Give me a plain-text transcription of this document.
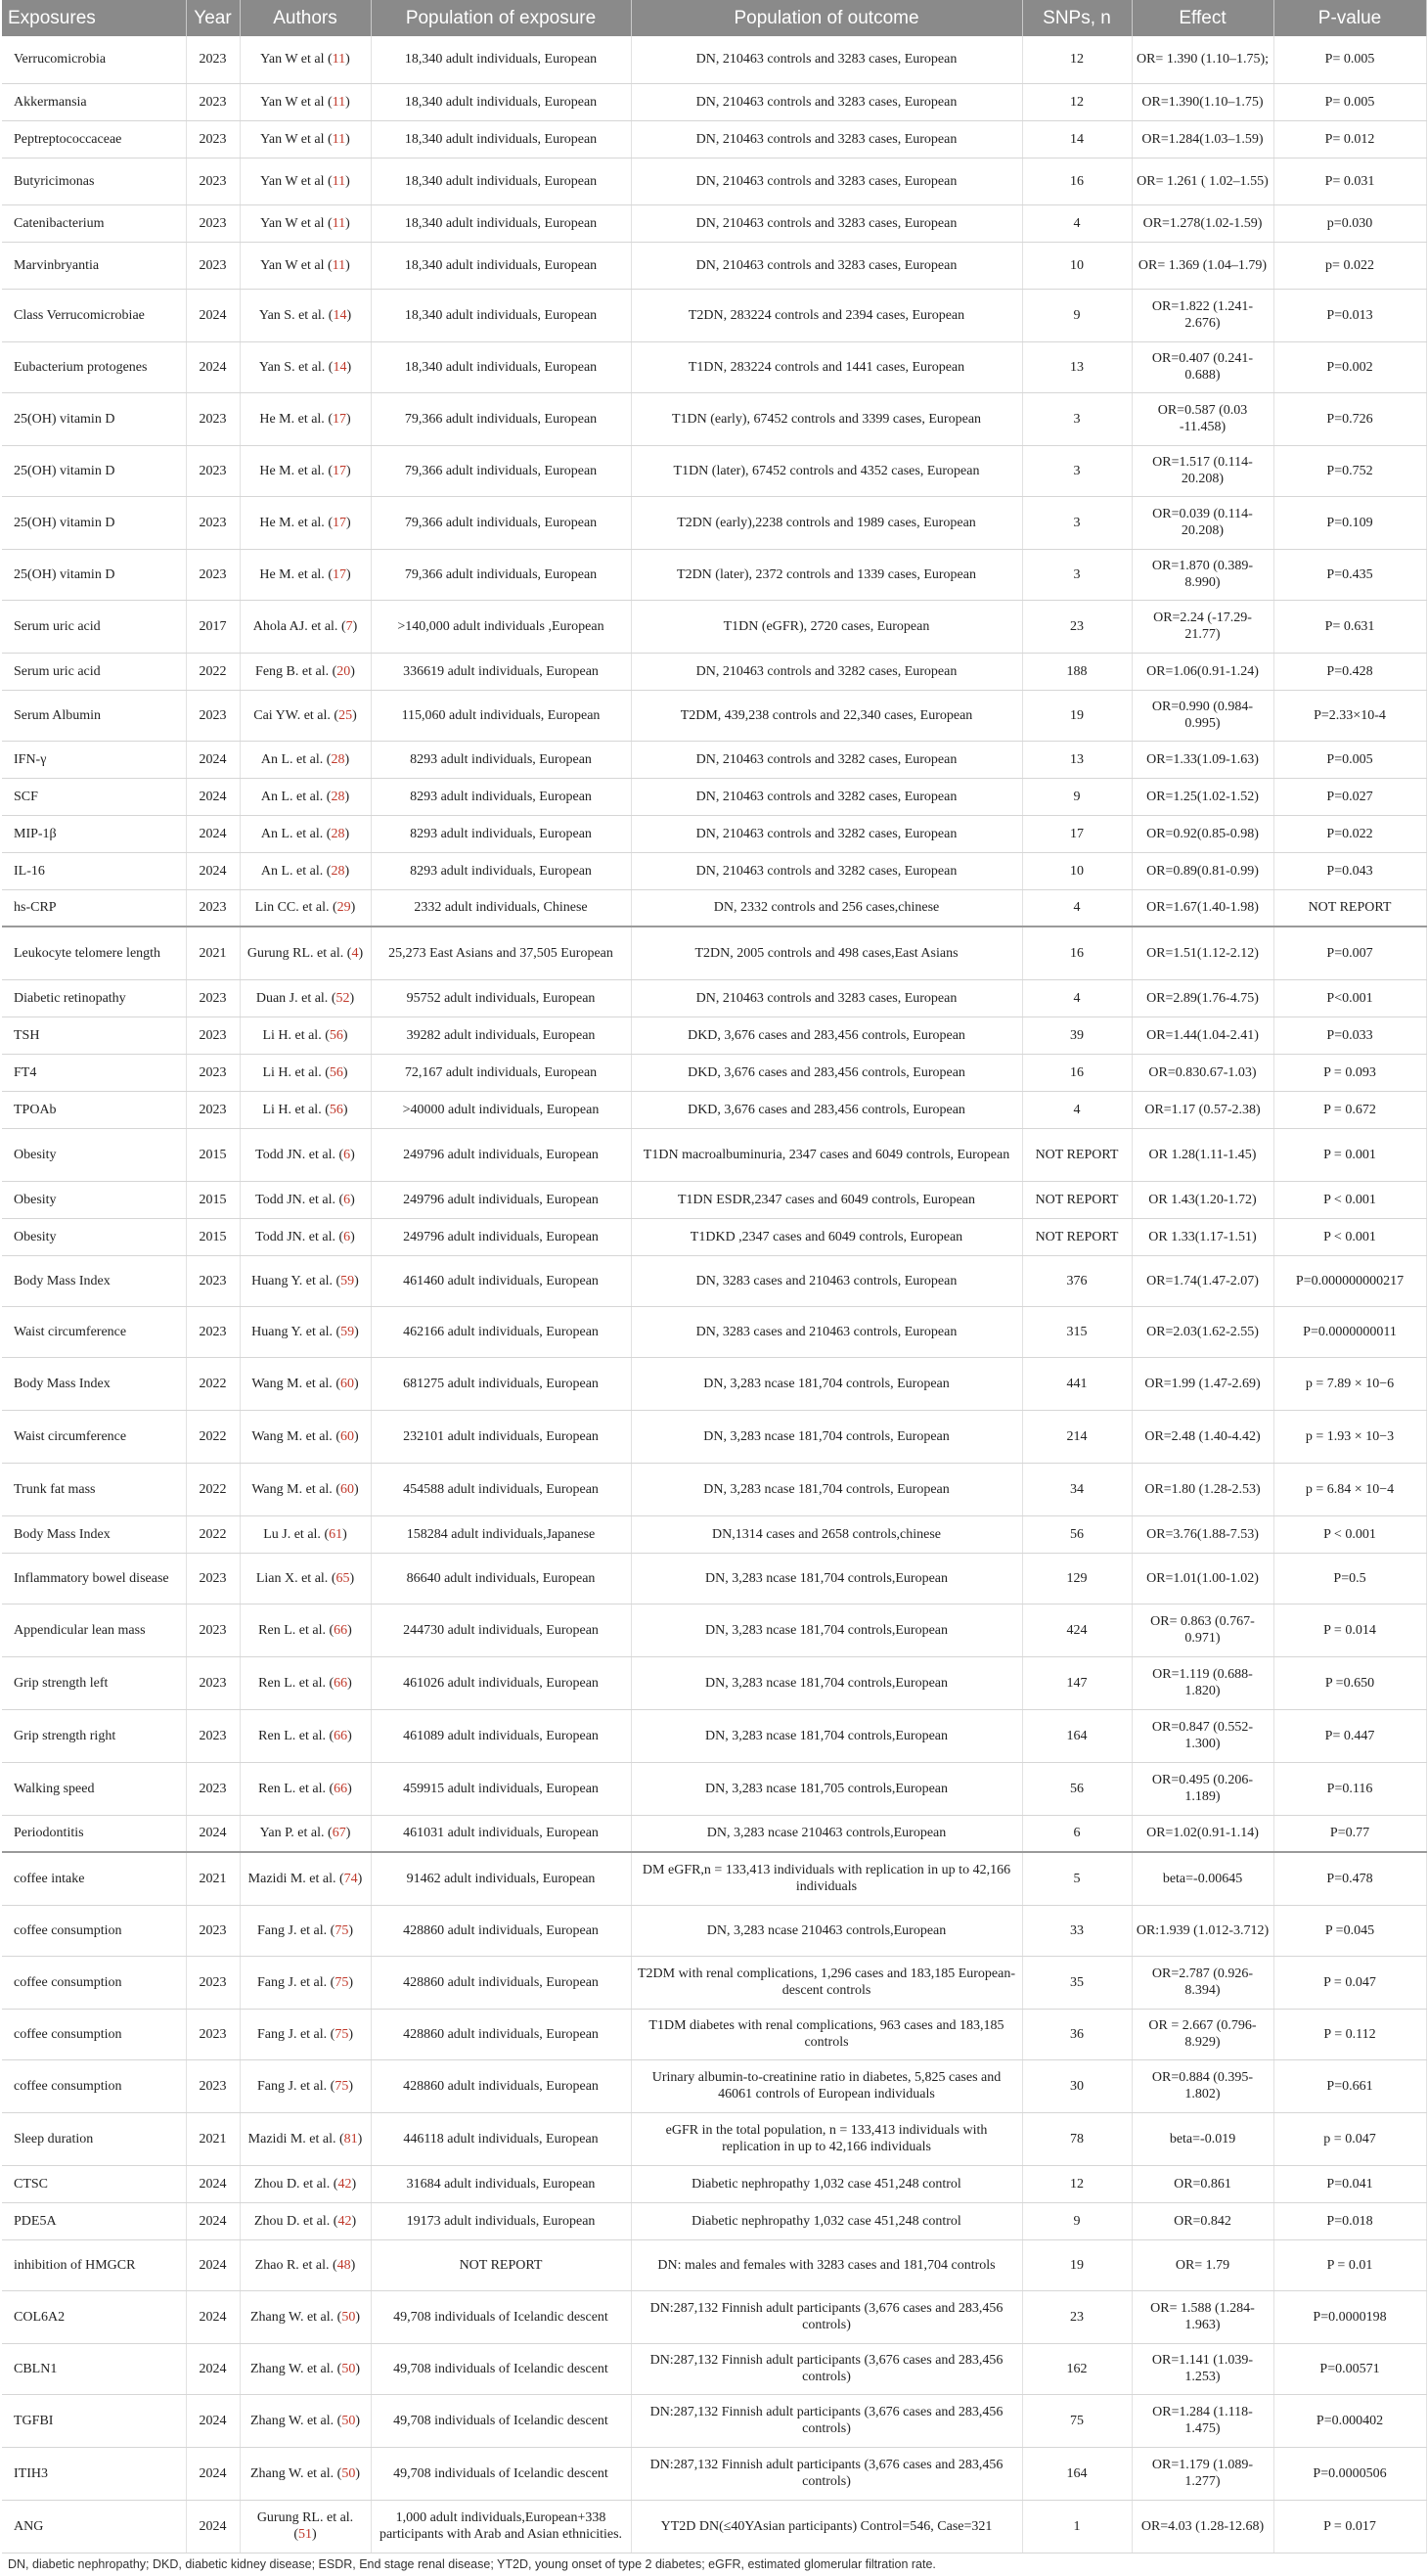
Exposures	Year	Authors	Population of exposure	Population of outcome	SNPs, n	Effect	P-value
Verrucomicrobia	2023	Yan W et al (11)	18,340 adult individuals, European	DN, 210463 controls and 3283 cases, European	12	OR= 1.390 (1.10–1.75);	P= 0.005
Akkermansia	2023	Yan W et al (11)	18,340 adult individuals, European	DN, 210463 controls and 3283 cases, European	12	OR=1.390(1.10–1.75)	P= 0.005
Peptreptococcaceae	2023	Yan W et al (11)	18,340 adult individuals, European	DN, 210463 controls and 3283 cases, European	14	OR=1.284(1.03–1.59)	P= 0.012
Butyricimonas	2023	Yan W et al (11)	18,340 adult individuals, European	DN, 210463 controls and 3283 cases, European	16	OR= 1.261 ( 1.02–1.55)	P= 0.031
Catenibacterium	2023	Yan W et al (11)	18,340 adult individuals, European	DN, 210463 controls and 3283 cases, European	4	OR=1.278(1.02-1.59)	p=0.030
Marvinbryantia	2023	Yan W et al (11)	18,340 adult individuals, European	DN, 210463 controls and 3283 cases, European	10	OR= 1.369 (1.04–1.79)	p= 0.022
Class Verrucomicrobiae	2024	Yan S. et al. (14)	18,340 adult individuals, European	T2DN, 283224 controls and 2394 cases, European	9	OR=1.822 (1.241-2.676)	P=0.013
Eubacterium protogenes	2024	Yan S. et al. (14)	18,340 adult individuals, European	T1DN, 283224 controls and 1441 cases, European	13	OR=0.407 (0.241-0.688)	P=0.002
25(OH) vitamin D	2023	He M. et al. (17)	79,366 adult individuals, European	T1DN (early), 67452 controls and 3399 cases, European	3	OR=0.587 (0.03 -11.458)	P=0.726
25(OH) vitamin D	2023	He M. et al. (17)	79,366 adult individuals, European	T1DN (later), 67452 controls and 4352 cases, European	3	OR=1.517 (0.114-20.208)	P=0.752
25(OH) vitamin D	2023	He M. et al. (17)	79,366 adult individuals, European	T2DN (early),2238 controls and 1989 cases, European	3	OR=0.039 (0.114-20.208)	P=0.109
25(OH) vitamin D	2023	He M. et al. (17)	79,366 adult individuals, European	T2DN (later), 2372 controls and 1339 cases, European	3	OR=1.870 (0.389-8.990)	P=0.435
Serum uric acid	2017	Ahola AJ. et al. (7)	>140,000 adult individuals ,European	T1DN (eGFR), 2720 cases, European	23	OR=2.24 (-17.29-21.77)	P= 0.631
Serum uric acid	2022	Feng B. et al. (20)	336619 adult individuals, European	DN, 210463 controls and 3282 cases, European	188	OR=1.06(0.91-1.24)	P=0.428
Serum Albumin	2023	Cai YW. et al. (25)	115,060 adult individuals, European	T2DM, 439,238 controls and 22,340 cases, European	19	OR=0.990 (0.984-0.995)	P=2.33×10-4
IFN-γ	2024	An L. et al. (28)	8293 adult individuals, European	DN, 210463 controls and 3282 cases, European	13	OR=1.33(1.09-1.63)	P=0.005
SCF	2024	An L. et al. (28)	8293 adult individuals, European	DN, 210463 controls and 3282 cases, European	9	OR=1.25(1.02-1.52)	P=0.027
MIP-1β	2024	An L. et al. (28)	8293 adult individuals, European	DN, 210463 controls and 3282 cases, European	17	OR=0.92(0.85-0.98)	P=0.022
IL-16	2024	An L. et al. (28)	8293 adult individuals, European	DN, 210463 controls and 3282 cases, European	10	OR=0.89(0.81-0.99)	P=0.043
hs-CRP	2023	Lin CC. et al. (29)	2332 adult individuals, Chinese	DN, 2332 controls and 256 cases,chinese	4	OR=1.67(1.40-1.98)	NOT REPORT
Leukocyte telomere length	2021	Gurung RL. et al. (4)	25,273 East Asians and 37,505 European	T2DN, 2005 controls and 498 cases,East Asians	16	OR=1.51(1.12-2.12)	P=0.007
Diabetic retinopathy	2023	Duan J. et al. (52)	95752 adult individuals, European	DN, 210463 controls and 3283 cases, European	4	OR=2.89(1.76-4.75)	P<0.001
TSH	2023	Li H. et al. (56)	39282 adult individuals, European	DKD, 3,676 cases and 283,456 controls, European	39	OR=1.44(1.04-2.41)	P=0.033
FT4	2023	Li H. et al. (56)	72,167 adult individuals, European	DKD, 3,676 cases and 283,456 controls, European	16	OR=0.830.67-1.03)	P = 0.093
TPOAb	2023	Li H. et al. (56)	>40000 adult individuals, European	DKD, 3,676 cases and 283,456 controls, European	4	OR=1.17 (0.57-2.38)	P = 0.672
Obesity	2015	Todd JN. et al. (6)	249796 adult individuals, European	T1DN macroalbuminuria, 2347 cases and 6049 controls, European	NOT REPORT	OR 1.28(1.11-1.45)	P = 0.001
Obesity	2015	Todd JN. et al. (6)	249796 adult individuals, European	T1DN ESDR,2347 cases and 6049 controls, European	NOT REPORT	OR 1.43(1.20-1.72)	P < 0.001
Obesity	2015	Todd JN. et al. (6)	249796 adult individuals, European	T1DKD ,2347 cases and 6049 controls, European	NOT REPORT	OR 1.33(1.17-1.51)	P < 0.001
Body Mass Index	2023	Huang Y. et al. (59)	461460 adult individuals, European	DN, 3283 cases and 210463 controls, European	376	OR=1.74(1.47-2.07)	P=0.000000000217
Waist circumference	2023	Huang Y. et al. (59)	462166 adult individuals, European	DN, 3283 cases and 210463 controls, European	315	OR=2.03(1.62-2.55)	P=0.0000000011
Body Mass Index	2022	Wang M. et al. (60)	681275 adult individuals, European	DN, 3,283 ncase 181,704 controls, European	441	OR=1.99 (1.47-2.69)	p = 7.89 × 10−6
Waist circumference	2022	Wang M. et al. (60)	232101 adult individuals, European	DN, 3,283 ncase 181,704 controls, European	214	OR=2.48 (1.40-4.42)	p = 1.93 × 10−3
Trunk fat mass	2022	Wang M. et al. (60)	454588 adult individuals, European	DN, 3,283 ncase 181,704 controls, European	34	OR=1.80 (1.28-2.53)	p = 6.84 × 10−4
Body Mass Index	2022	Lu J. et al. (61)	158284 adult individuals,Japanese	DN,1314 cases and 2658 controls,chinese	56	OR=3.76(1.88-7.53)	P < 0.001
Inflammatory bowel disease	2023	Lian X. et al. (65)	86640 adult individuals, European	DN, 3,283 ncase 181,704 controls,European	129	OR=1.01(1.00-1.02)	P=0.5
Appendicular lean mass	2023	Ren L. et al. (66)	244730 adult individuals, European	DN, 3,283 ncase 181,704 controls,European	424	OR= 0.863 (0.767-0.971)	P = 0.014
Grip strength left	2023	Ren L. et al. (66)	461026 adult individuals, European	DN, 3,283 ncase 181,704 controls,European	147	OR=1.119 (0.688-1.820)	P =0.650
Grip strength right	2023	Ren L. et al. (66)	461089 adult individuals, European	DN, 3,283 ncase 181,704 controls,European	164	OR=0.847 (0.552-1.300)	P= 0.447
Walking speed	2023	Ren L. et al. (66)	459915 adult individuals, European	DN, 3,283 ncase 181,705 controls,European	56	OR=0.495 (0.206-1.189)	P=0.116
Periodontitis	2024	Yan P. et al. (67)	461031 adult individuals, European	DN, 3,283 ncase 210463 controls,European	6	OR=1.02(0.91-1.14)	P=0.77
coffee intake	2021	Mazidi M. et al. (74)	91462 adult individuals, European	DM eGFR,n = 133,413 individuals with replication in up to 42,166 individuals	5	beta=-0.00645	P=0.478
coffee consumption	2023	Fang J. et al. (75)	428860 adult individuals, European	DN, 3,283 ncase 210463 controls,European	33	OR:1.939 (1.012-3.712)	P =0.045
coffee consumption	2023	Fang J. et al. (75)	428860 adult individuals, European	T2DM with renal complications, 1,296 cases and 183,185 European-descent controls	35	OR=2.787 (0.926-8.394)	P = 0.047
coffee consumption	2023	Fang J. et al. (75)	428860 adult individuals, European	T1DM diabetes with renal complications, 963 cases and 183,185 controls	36	OR = 2.667 (0.796-8.929)	P = 0.112
coffee consumption	2023	Fang J. et al. (75)	428860 adult individuals, European	Urinary albumin-to-creatinine ratio in diabetes, 5,825 cases and 46061 controls of European individuals	30	OR=0.884 (0.395-1.802)	P=0.661
Sleep duration	2021	Mazidi M. et al. (81)	446118 adult individuals, European	eGFR in the total population, n = 133,413 individuals with replication in up to 42,166 individuals	78	beta=-0.019	p = 0.047
CTSC	2024	Zhou D. et al. (42)	31684 adult individuals, European	Diabetic nephropathy 1,032 case 451,248 control	12	OR=0.861	P=0.041
PDE5A	2024	Zhou D. et al. (42)	19173 adult individuals, European	Diabetic nephropathy 1,032 case 451,248 control	9	OR=0.842	P=0.018
inhibition of HMGCR	2024	Zhao R. et al. (48)	NOT REPORT	DN: males and females with 3283 cases and 181,704 controls	19	OR= 1.79	P = 0.01
COL6A2	2024	Zhang W. et al. (50)	49,708 individuals of Icelandic descent	DN:287,132 Finnish adult participants (3,676 cases and 283,456 controls)	23	OR= 1.588 (1.284-1.963)	P=0.0000198
CBLN1	2024	Zhang W. et al. (50)	49,708 individuals of Icelandic descent	DN:287,132 Finnish adult participants (3,676 cases and 283,456 controls)	162	OR=1.141 (1.039-1.253)	P=0.00571
TGFBI	2024	Zhang W. et al. (50)	49,708 individuals of Icelandic descent	DN:287,132 Finnish adult participants (3,676 cases and 283,456 controls)	75	OR=1.284 (1.118-1.475)	P=0.000402
ITIH3	2024	Zhang W. et al. (50)	49,708 individuals of Icelandic descent	DN:287,132 Finnish adult participants (3,676 cases and 283,456 controls)	164	OR=1.179 (1.089-1.277)	P=0.0000506
ANG	2024	Gurung RL. et al. (51)	1,000 adult individuals,European+338 participants with Arab and Asian ethnicities.	YT2D DN(≤40YAsian participants) Control=546, Case=321	1	OR=4.03 (1.28-12.68)	P = 0.017
DN, diabetic nephropathy; DKD, diabetic kidney disease; ESDR, End stage renal disease; YT2D, young onset of type 2 diabetes; eGFR, estimated glomerular filtration rate.
